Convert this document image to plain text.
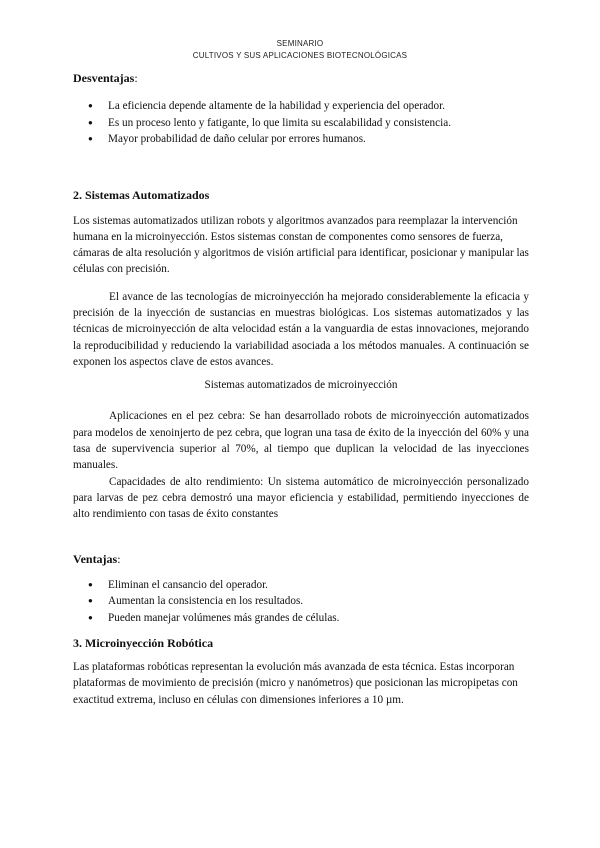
SEMINARIO
CULTIVOS Y SUS APLICACIONES BIOTECNOLÓGICAS
Desventajas:
● La eficiencia depende altamente de la habilidad y experiencia del operador.
● Es un proceso lento y fatigante, lo que limita su escalabilidad y consistencia.
● Mayor probabilidad de daño celular por errores humanos.
2. Sistemas Automatizados

Los sistemas automatizados utilizan robots y algoritmos avanzados para reemplazar la intervención humana en la microinyección. Estos sistemas constan de componentes como sensores de fuerza, cámaras de alta resolución y algoritmos de visión artificial para identificar, posicionar y manipular las células con precisión.

El avance de las tecnologías de microinyección ha mejorado considerablemente la eficacia y precisión de la inyección de sustancias en muestras biológicas. Los sistemas automatizados y las técnicas de microinyección de alta velocidad están a la vanguardia de estas innovaciones, mejorando la reproducibilidad y reduciendo la variabilidad asociada a los métodos manuales. A continuación se exponen los aspectos clave de estos avances.

Sistemas automatizados de microinyección

Aplicaciones en el pez cebra: Se han desarrollado robots de microinyección automatizados para modelos de xenoinjerto de pez cebra, que logran una tasa de éxito de la inyección del 60% y una tasa de supervivencia superior al 70%, al tiempo que duplican la velocidad de las inyecciones manuales.

Capacidades de alto rendimiento: Un sistema automático de microinyección personalizado para larvas de pez cebra demostró una mayor eficiencia y estabilidad, permitiendo inyecciones de alto rendimiento con tasas de éxito constantes

Ventajas:
● Eliminan el cansancio del operador.
● Aumentan la consistencia en los resultados.
● Pueden manejar volúmenes más grandes de células.
3. Microinyección Robótica

Las plataformas robóticas representan la evolución más avanzada de esta técnica. Estas incorporan plataformas de movimiento de precisión (micro y nanómetros) que posicionan las micropipetas con exactitud extrema, incluso en células con dimensiones inferiores a 10 µm.
